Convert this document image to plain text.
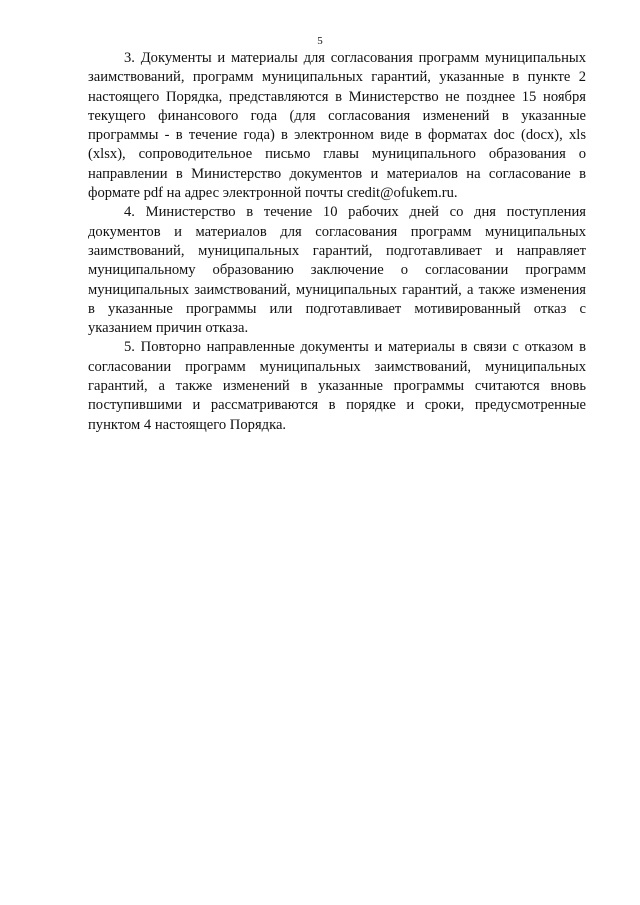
5

3. Документы и материалы для согласования программ муниципальных заимствований, программ муниципальных гарантий, указанные в пункте 2 настоящего Порядка, представляются в Министерство не позднее 15 ноября текущего финансового года (для согласования изменений в указанные программы - в течение года) в электронном виде в форматах doc (docx), xls (xlsx), сопроводительное письмо главы муниципального образования о направлении в Министерство документов и материалов на согласование в формате pdf на адрес электронной почты credit@ofukem.ru.

4. Министерство в течение 10 рабочих дней со дня поступления документов и материалов для согласования программ муниципальных заимствований, муниципальных гарантий, подготавливает и направляет муниципальному образованию заключение о согласовании программ муниципальных заимствований, муниципальных гарантий, а также изменения в указанные программы или подготавливает мотивированный отказ с указанием причин отказа.

5. Повторно направленные документы и материалы в связи с отказом в согласовании программ муниципальных заимствований, муниципальных гарантий, а также изменений в указанные программы считаются вновь поступившими и рассматриваются в порядке и сроки, предусмотренные пунктом 4 настоящего Порядка.
